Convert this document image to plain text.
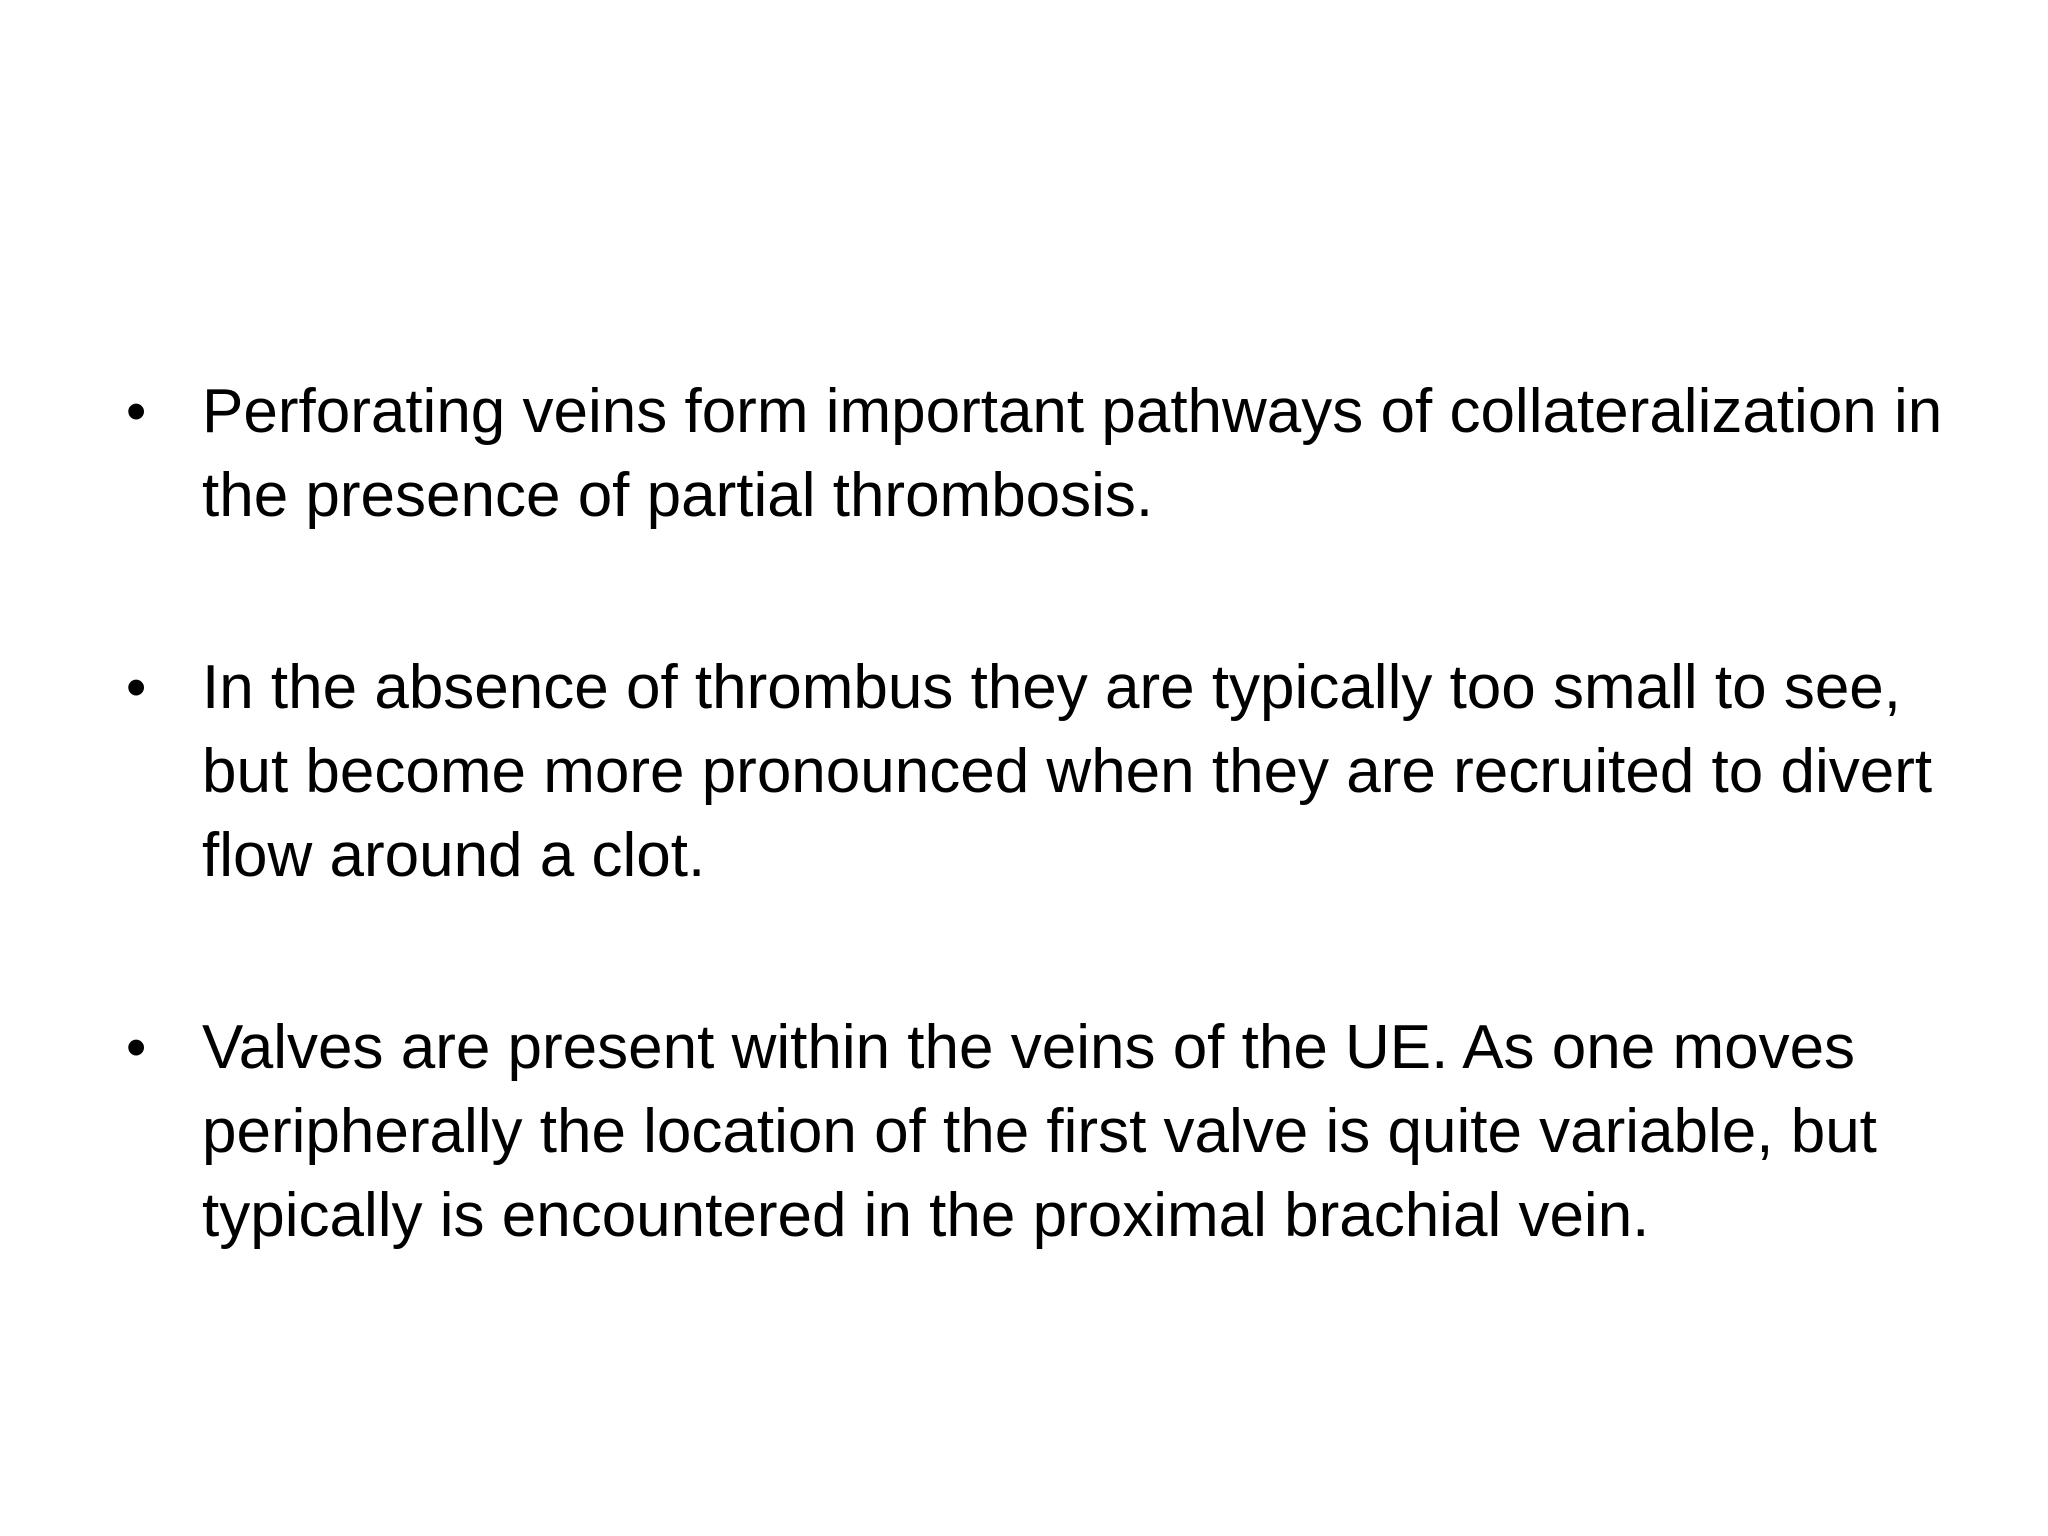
• Perforating veins form important pathways of collateralization in the presence of partial thrombosis.
• In the absence of thrombus they are typically too small to see, but become more pronounced when they are recruited to divert flow around a clot.
• Valves are present within the veins of the UE. As one moves peripherally the location of the first valve is quite variable, but typically is encountered in the proximal brachial vein.
